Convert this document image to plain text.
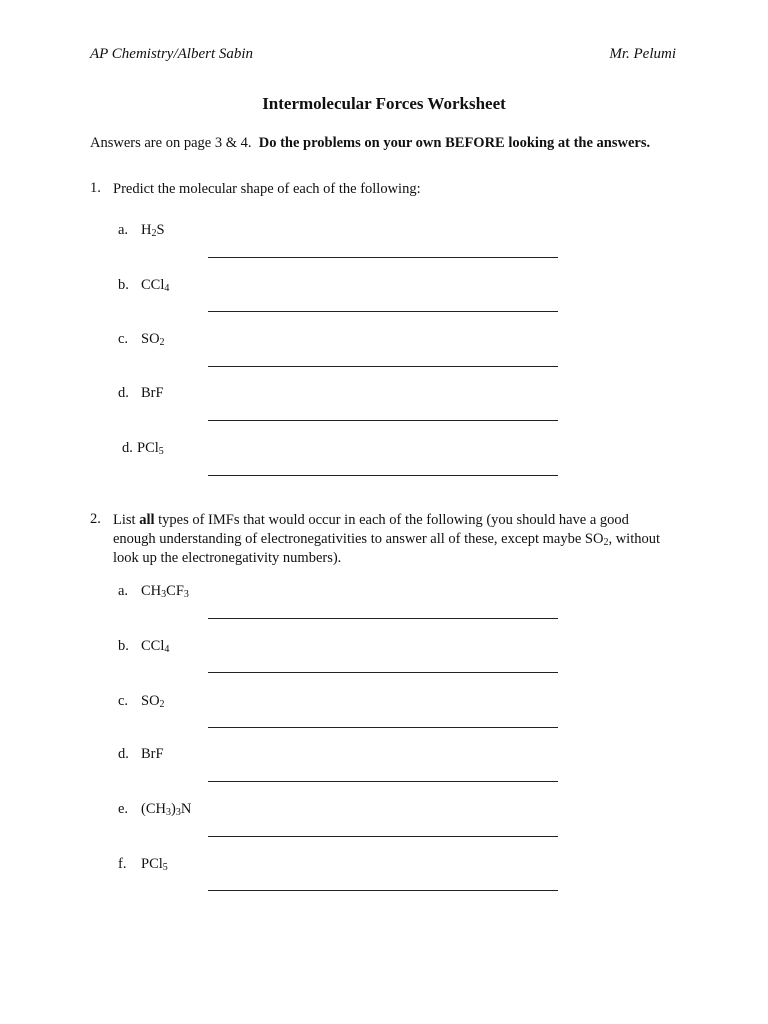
AP Chemistry/Albert Sabin	Mr. Pelumi
Intermolecular Forces Worksheet
Answers are on page 3 & 4. Do the problems on your own BEFORE looking at the answers.
1. Predict the molecular shape of each of the following:
a. $H_2S$
b. CCl$_4$
c. $SO_2$
d. BrF
d. PCl$_5$
2. List all types of IMFs that would occur in each of the following (you should have a good enough understanding of electronegativities to answer all of these, except maybe $SO_2$, without look up the electronegativity numbers).
a. $CH_3CF_3$
b. CCl$_4$
c. $SO_2$
d. BrF
e. $(CH_3)_3N$
f. PCl$_5$
